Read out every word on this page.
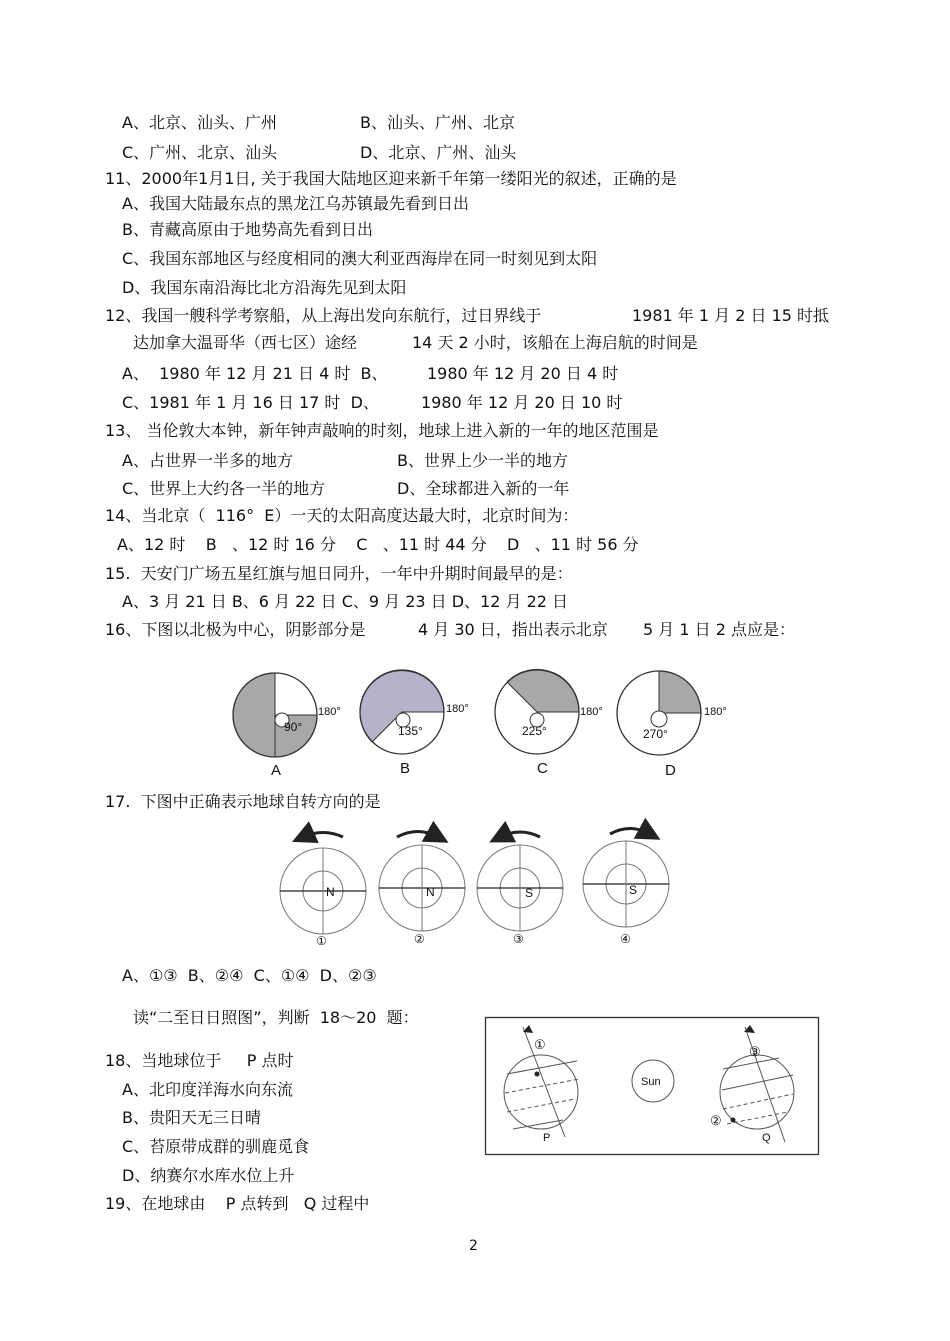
A、北京、汕头、广州	B、汕头、广州、北京
C、广州、北京、汕头	D、北京、广州、汕头
11、2000年1月1日, 关于我国大陆地区迎来新千年第一缕阳光的叙述，正确的是
A、我国大陆最东点的黑龙江乌苏镇最先看到日出
B、青藏高原由于地势高先看到日出
C、我国东部地区与经度相同的澳大利亚西海岸在同一时刻见到太阳
D、我国东南沿海比北方沿海先见到太阳
12、我国一艘科学考察船，从上海出发向东航行，过日界线于	1981 年 1 月 2 日 15 时抵
达加拿大温哥华（西七区）途经	14 天 2 小时，该船在上海启航的时间是
A、  1980 年 12 月 21 日 4 时  B、 1980 年 12 月 20 日 4 时
C、1981 年 1 月 16 日 17 时  D、	1980 年 12 月 20 日 10 时
13、 当伦敦大本钟，新年钟声敲响的时刻，地球上进入新的一年的地区范围是
A、占世界一半多的地方	B、世界上少一半的地方
C、世界上大约各一半的地方	D、全球都进入新的一年
14、当北京（  116°  E）一天的太阳高度达最大时，北京时间为：
A、12 时    B   、12 时 16 分    C   、11 时 44 分    D   、11 时 56 分
15.  天安门广场五星红旗与旭日同升，一年中升期时间最早的是：
A、3 月 21 日 B、6 月 22 日 C、9 月 23 日 D、12 月 22 日
16、下图以北极为中心，阴影部分是	4 月 30 日，指出表示北京 5 月 1 日 2 点应是：
180°
90°
A
180°
135°
B
180°
225°
C
180°
270°
D
17.  下图中正确表示地球自转方向的是
N
①
N
②
S
③
S
④
A、①③  B、②④  C、①④  D、②③
读“二至日日照图”，判断  18～20  题：
①
P
Sun
③
②
Q
18、当地球位于     P 点时
A、北印度洋海水向东流
B、贵阳天无三日晴
C、苔原带成群的驯鹿觅食
D、纳赛尔水库水位上升
19、在地球由    P 点转到   Q 过程中
2
